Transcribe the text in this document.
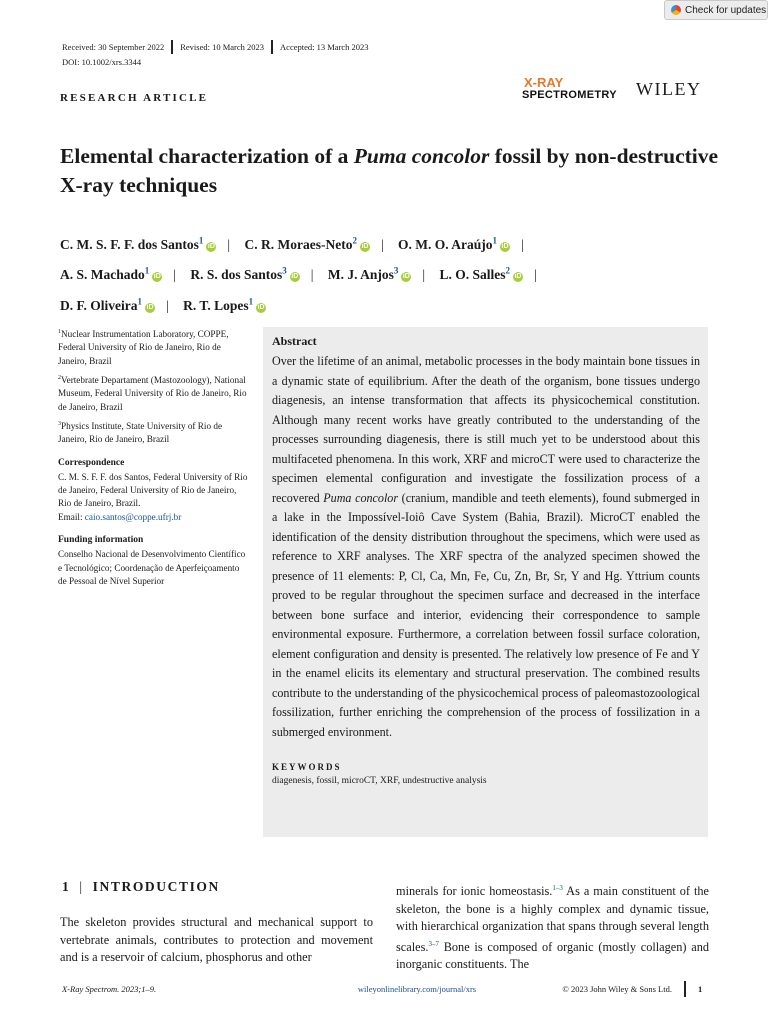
Check for updates
Received: 30 September 2022 Revised: 10 March 2023 Accepted: 13 March 2023
DOI: 10.1002/xrs.3344
RESEARCH ARTICLE
X-RAY
SPECTROMETRY WILEY
Elemental characterization of a Puma concolor fossil by non-destructive X-ray techniques
C. M. S. F. F. dos Santos$^1$iD | C. R. Moraes-Neto$^2$iD | O. M. O. Araújo$^1$iD |
A. S. Machado$^1$iD | R. S. dos Santos$^3$iD | M. J. Anjos$^3$iD | L. O. Salles$^2$iD |
D. F. Oliveira$^1$iD | R. T. Lopes$^1$iD
$^1$Nuclear Instrumentation Laboratory, COPPE, Federal University of Rio de Janeiro, Rio de Janeiro, Brazil
$^2$Vertebrate Departament (Mastozoology), National Museum, Federal University of Rio de Janeiro, Rio de Janeiro, Brazil
$^3$Physics Institute, State University of Rio de Janeiro, Rio de Janeiro, Brazil
Correspondence
C. M. S. F. F. dos Santos, Federal University of Rio de Janeiro, Federal University of Rio de Janeiro, Rio de Janeiro, Brazil.
Email: caio.santos@coppe.ufrj.br
Funding information
Conselho Nacional de Desenvolvimento Científico e Tecnológico; Coordenação de Aperfeiçoamento de Pessoal de Nível Superior
Abstract

Over the lifetime of an animal, metabolic processes in the body maintain bone tissues in a dynamic state of equilibrium. After the death of the organism, bone tissues undergo diagenesis, an intense transformation that affects its physicochemical constitution. Although many recent works have greatly contributed to the understanding of the processes surrounding diagenesis, there is still much yet to be understood about this multifaceted phenomena. In this work, XRF and microCT were used to characterize the specimen elemental configuration and investigate the fossilization process of a recovered Puma concolor (cranium, mandible and teeth elements), found submerged in a lake in the Impossível-Ioiô Cave System (Bahia, Brazil). MicroCT enabled the identification of the density distribution throughout the specimens, which were used as reference to XRF analyses. The XRF spectra of the analyzed specimen showed the presence of 11 elements: P, Cl, Ca, Mn, Fe, Cu, Zn, Br, Sr, Y and Hg. Yttrium counts proved to be regular throughout the specimen surface and decreased in the interface between bone surface and interior, evidencing their correspondence to sample environmental exposure. Furthermore, a correlation between fossil surface coloration, element configuration and density is presented. The relatively low presence of Fe and Y in the enamel elicits its elementary and structural preservation. The combined results contribute to the understanding of the physicochemical process of paleomastozoological fossilization, further enriching the comprehension of the process of fossilization in a submerged environment.

KEYWORDS
diagenesis, fossil, microCT, XRF, undestructive analysis
1 | INTRODUCTION
The skeleton provides structural and mechanical support to vertebrate animals, contributes to protection and movement and is a reservoir of calcium, phosphorus and other
minerals for ionic homeostasis.$^{1-3}$ As a main constituent of the skeleton, the bone is a highly complex and dynamic tissue, with hierarchical organization that spans through several length scales.$^{3-7}$ Bone is composed of organic (mostly collagen) and inorganic constituents. The
X-Ray Spectrom. 2023;1–9.	wileyonlinelibrary.com/journal/xrs	© 2023 John Wiley & Sons Ltd.	1
